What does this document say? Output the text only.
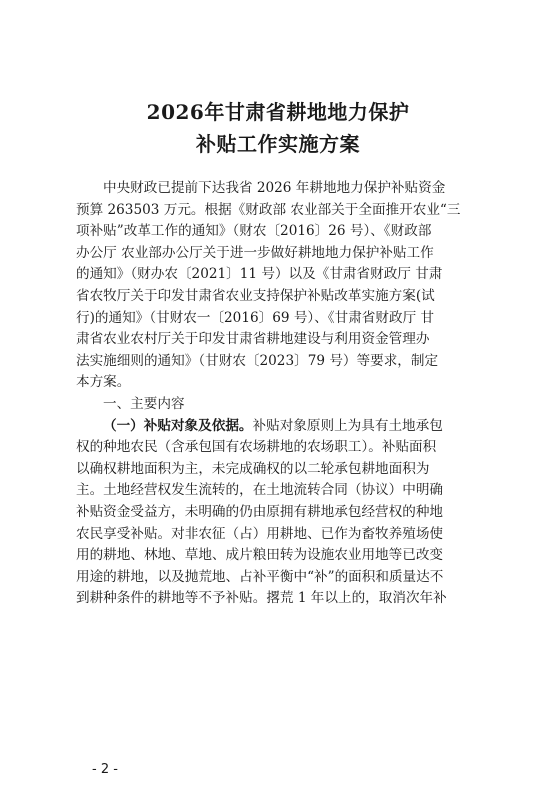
2026年甘肃省耕地地力保护
补贴工作实施方案
中央财政已提前下达我省 2026 年耕地地力保护补贴资金
预算 263503 万元。根据《财政部 农业部关于全面推开农业“三
项补贴”改革工作的通知》（财农〔2016〕26 号）、《财政部
办公厅 农业部办公厅关于进一步做好耕地地力保护补贴工作
的通知》（财办农〔2021〕11 号）以及《甘肃省财政厅 甘肃
省农牧厅关于印发甘肃省农业支持保护补贴改革实施方案(试
行)的通知》（甘财农一〔2016〕69 号）、《甘肃省财政厅 甘
肃省农业农村厅关于印发甘肃省耕地建设与利用资金管理办
法实施细则的通知》（甘财农〔2023〕79 号）等要求，制定
本方案。
一、主要内容
（一）补贴对象及依据。补贴对象原则上为具有土地承包
权的种地农民（含承包国有农场耕地的农场职工）。补贴面积
以确权耕地面积为主，未完成确权的以二轮承包耕地面积为
主。土地经营权发生流转的，在土地流转合同（协议）中明确
补贴资金受益方，未明确的仍由原拥有耕地承包经营权的种地
农民享受补贴。对非农征（占）用耕地、已作为畜牧养殖场使
用的耕地、林地、草地、成片粮田转为设施农业用地等已改变
用途的耕地，以及抛荒地、占补平衡中“补”的面积和质量达不
到耕种条件的耕地等不予补贴。撂荒 1 年以上的，取消次年补
- 2 -
